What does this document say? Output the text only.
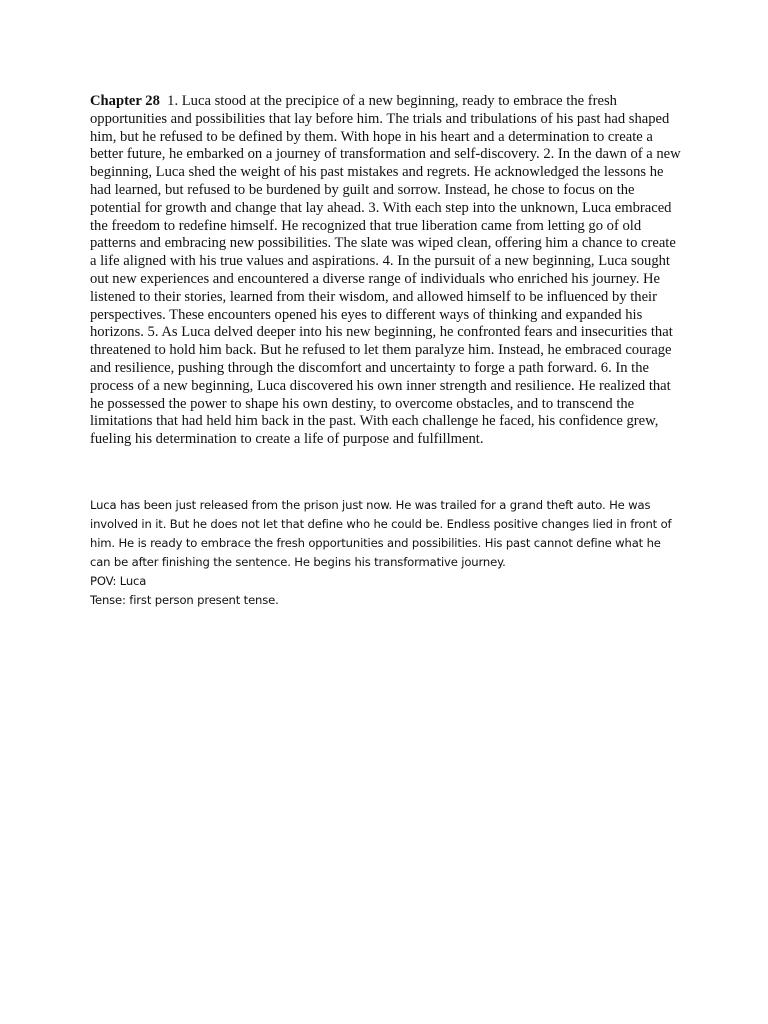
Chapter 28 1. Luca stood at the precipice of a new beginning, ready to embrace the fresh opportunities and possibilities that lay before him. The trials and tribulations of his past had shaped him, but he refused to be defined by them. With hope in his heart and a determination to create a better future, he embarked on a journey of transformation and self-discovery. 2. In the dawn of a new beginning, Luca shed the weight of his past mistakes and regrets. He acknowledged the lessons he had learned, but refused to be burdened by guilt and sorrow. Instead, he chose to focus on the potential for growth and change that lay ahead. 3. With each step into the unknown, Luca embraced the freedom to redefine himself. He recognized that true liberation came from letting go of old patterns and embracing new possibilities. The slate was wiped clean, offering him a chance to create a life aligned with his true values and aspirations. 4. In the pursuit of a new beginning, Luca sought out new experiences and encountered a diverse range of individuals who enriched his journey. He listened to their stories, learned from their wisdom, and allowed himself to be influenced by their perspectives. These encounters opened his eyes to different ways of thinking and expanded his horizons. 5. As Luca delved deeper into his new beginning, he confronted fears and insecurities that threatened to hold him back. But he refused to let them paralyze him. Instead, he embraced courage and resilience, pushing through the discomfort and uncertainty to forge a path forward. 6. In the process of a new beginning, Luca discovered his own inner strength and resilience. He realized that he possessed the power to shape his own destiny, to overcome obstacles, and to transcend the limitations that had held him back in the past. With each challenge he faced, his confidence grew, fueling his determination to create a life of purpose and fulfillment.

Luca has been just released from the prison just now. He was trailed for a grand theft auto. He was involved in it. But he does not let that define who he could be. Endless positive changes lied in front of him. He is ready to embrace the fresh opportunities and possibilities. His past cannot define what he can be after finishing the sentence. He begins his transformative journey.

POV: Luca

Tense: first person present tense.
